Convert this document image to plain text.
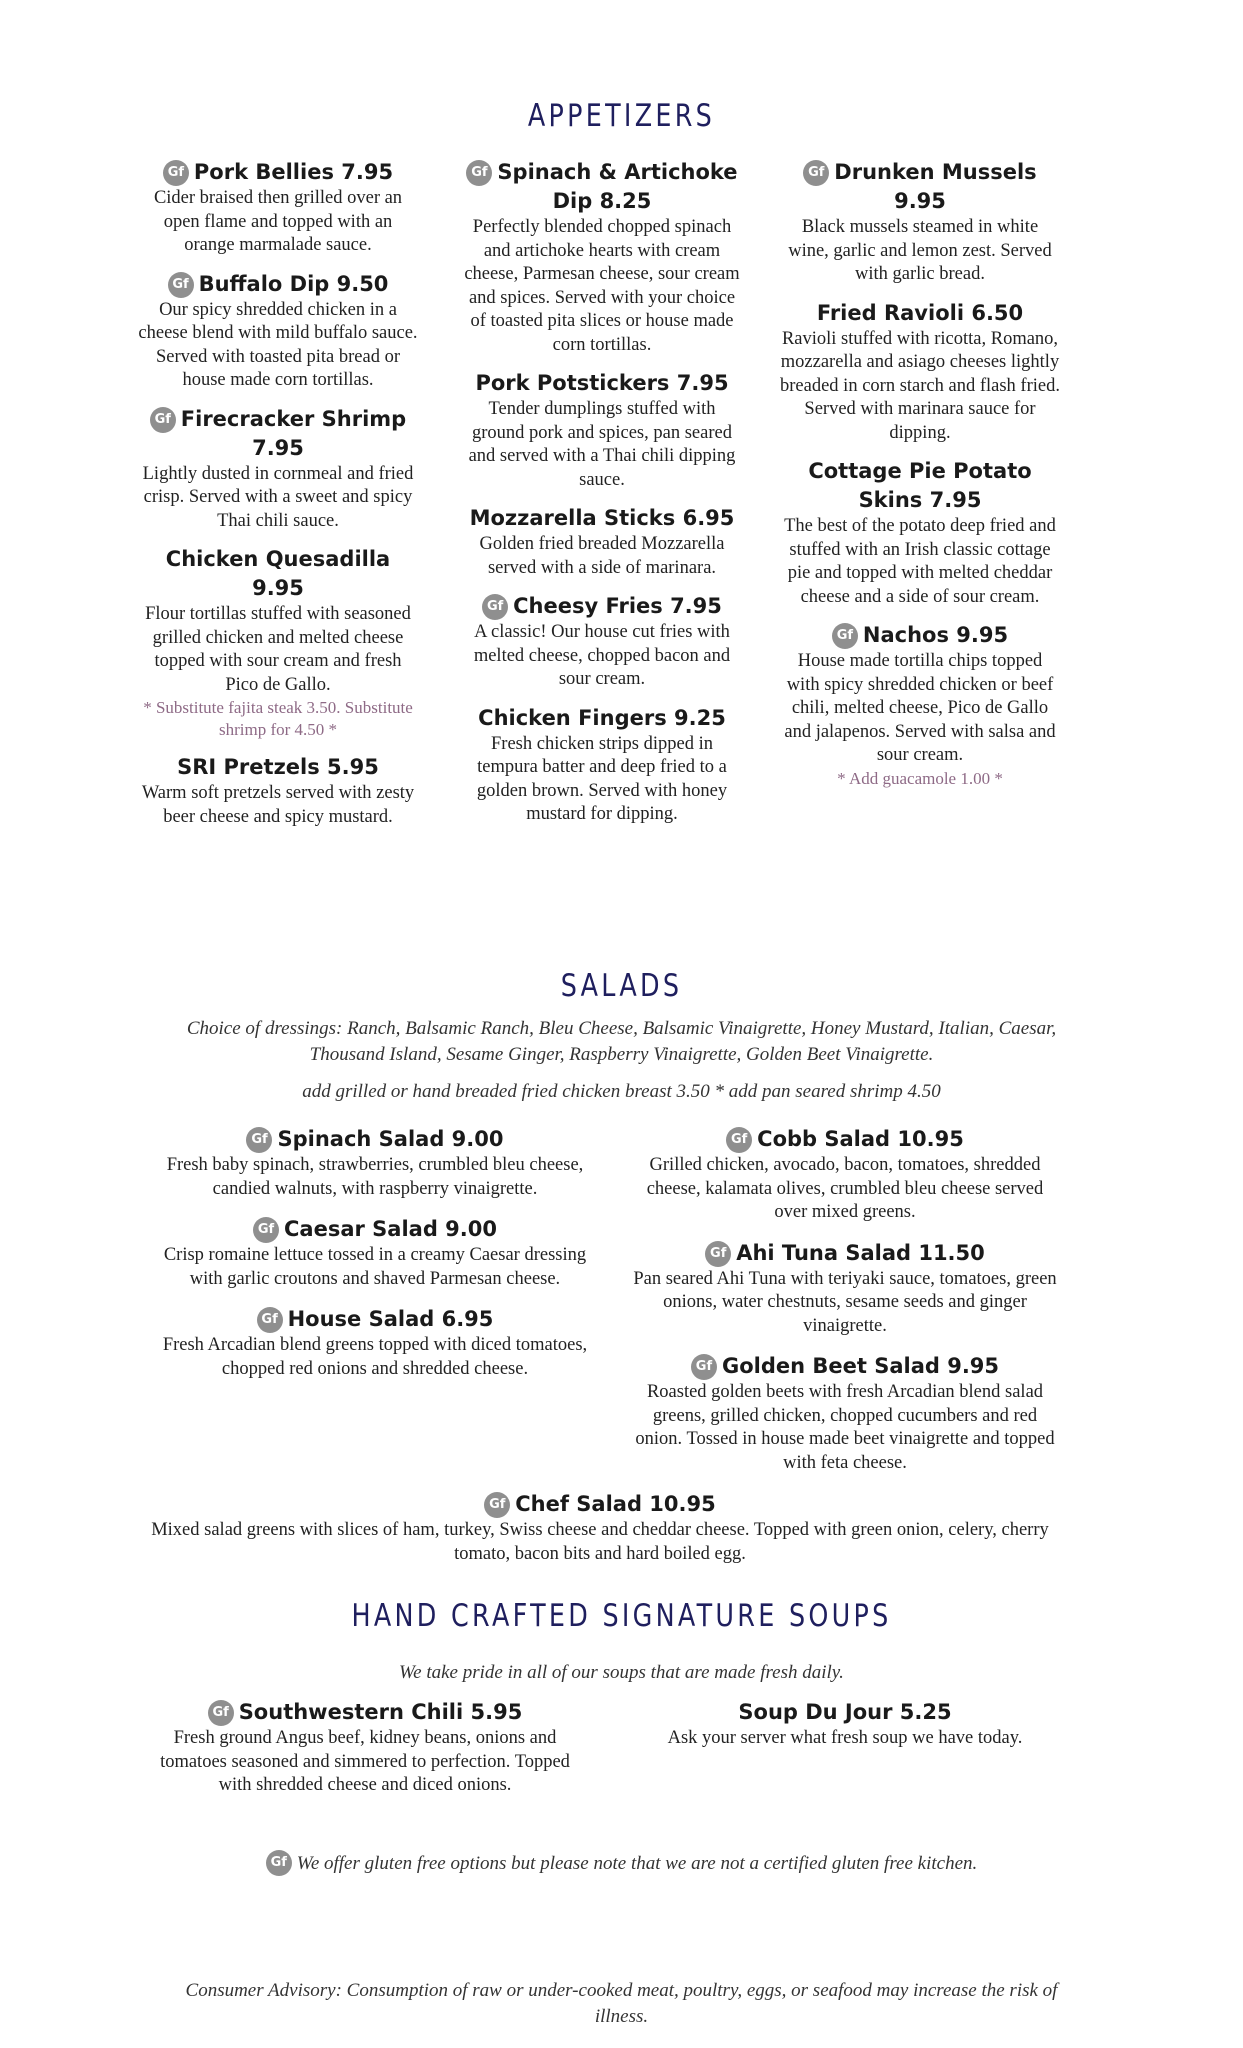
APPETIZERS
Gf Pork Bellies 7.95
Cider braised then grilled over an open flame and topped with an orange marmalade sauce.
Gf Buffalo Dip 9.50
Our spicy shredded chicken in a cheese blend with mild buffalo sauce. Served with toasted pita bread or house made corn tortillas.
Gf Firecracker Shrimp 7.95
Lightly dusted in cornmeal and fried crisp. Served with a sweet and spicy Thai chili sauce.
Chicken Quesadilla 9.95
Flour tortillas stuffed with seasoned grilled chicken and melted cheese topped with sour cream and fresh Pico de Gallo.
* Substitute fajita steak 3.50. Substitute shrimp for 4.50 *
SRI Pretzels 5.95
Warm soft pretzels served with zesty beer cheese and spicy mustard.
Gf Spinach & Artichoke Dip 8.25
Perfectly blended chopped spinach and artichoke hearts with cream cheese, Parmesan cheese, sour cream and spices. Served with your choice of toasted pita slices or house made corn tortillas.
Pork Potstickers 7.95
Tender dumplings stuffed with ground pork and spices, pan seared and served with a Thai chili dipping sauce.
Mozzarella Sticks 6.95
Golden fried breaded Mozzarella served with a side of marinara.
Gf Cheesy Fries 7.95
A classic! Our house cut fries with melted cheese, chopped bacon and sour cream.
Chicken Fingers 9.25
Fresh chicken strips dipped in tempura batter and deep fried to a golden brown. Served with honey mustard for dipping.
Gf Drunken Mussels 9.95
Black mussels steamed in white wine, garlic and lemon zest. Served with garlic bread.
Fried Ravioli 6.50
Ravioli stuffed with ricotta, Romano, mozzarella and asiago cheeses lightly breaded in corn starch and flash fried. Served with marinara sauce for dipping.
Cottage Pie Potato Skins 7.95
The best of the potato deep fried and stuffed with an Irish classic cottage pie and topped with melted cheddar cheese and a side of sour cream.
Gf Nachos 9.95
House made tortilla chips topped with spicy shredded chicken or beef chili, melted cheese, Pico de Gallo and jalapenos. Served with salsa and sour cream.
* Add guacamole 1.00 *
SALADS
Choice of dressings: Ranch, Balsamic Ranch, Bleu Cheese, Balsamic Vinaigrette, Honey Mustard, Italian, Caesar, Thousand Island, Sesame Ginger, Raspberry Vinaigrette, Golden Beet Vinaigrette.
add grilled or hand breaded fried chicken breast 3.50 * add pan seared shrimp 4.50
Gf Spinach Salad 9.00
Fresh baby spinach, strawberries, crumbled bleu cheese, candied walnuts, with raspberry vinaigrette.
Gf Caesar Salad 9.00
Crisp romaine lettuce tossed in a creamy Caesar dressing with garlic croutons and shaved Parmesan cheese.
Gf House Salad 6.95
Fresh Arcadian blend greens topped with diced tomatoes, chopped red onions and shredded cheese.
Gf Cobb Salad 10.95
Grilled chicken, avocado, bacon, tomatoes, shredded cheese, kalamata olives, crumbled bleu cheese served over mixed greens.
Gf Ahi Tuna Salad 11.50
Pan seared Ahi Tuna with teriyaki sauce, tomatoes, green onions, water chestnuts, sesame seeds and ginger vinaigrette.
Gf Golden Beet Salad 9.95
Roasted golden beets with fresh Arcadian blend salad greens, grilled chicken, chopped cucumbers and red onion. Tossed in house made beet vinaigrette and topped with feta cheese.
Gf Chef Salad 10.95
Mixed salad greens with slices of ham, turkey, Swiss cheese and cheddar cheese. Topped with green onion, celery, cherry tomato, bacon bits and hard boiled egg.
HAND CRAFTED SIGNATURE SOUPS
We take pride in all of our soups that are made fresh daily.
Gf Southwestern Chili 5.95
Fresh ground Angus beef, kidney beans, onions and tomatoes seasoned and simmered to perfection. Topped with shredded cheese and diced onions.
Soup Du Jour 5.25
Ask your server what fresh soup we have today.
Gf We offer gluten free options but please note that we are not a certified gluten free kitchen.
Consumer Advisory: Consumption of raw or under-cooked meat, poultry, eggs, or seafood may increase the risk of illness.
